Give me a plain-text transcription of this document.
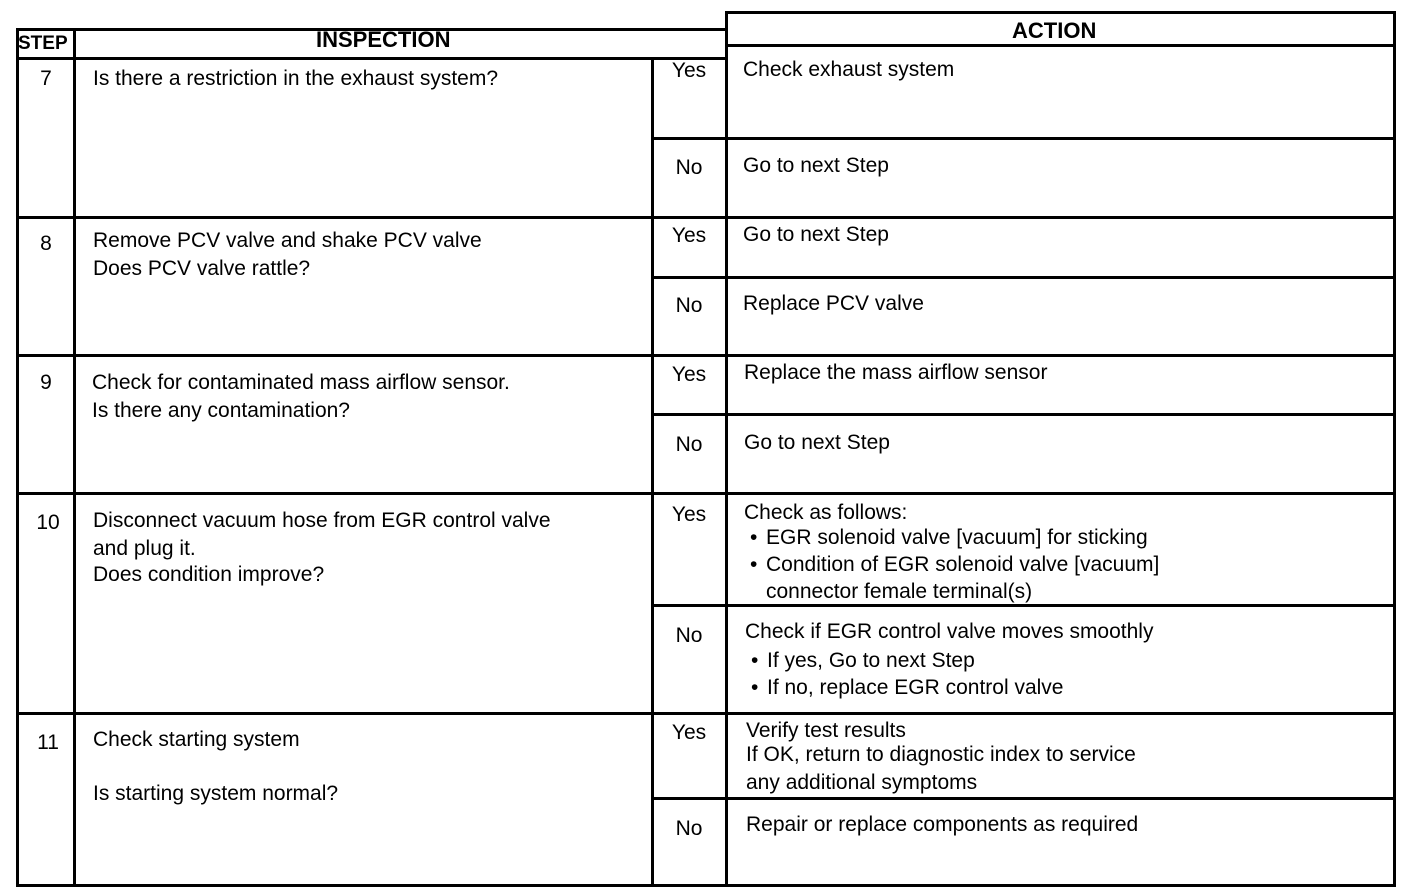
STEP	INSPECTION	ACTION
7	Is there a restriction in the exhaust system?	Yes	Check exhaust system
No	Go to next Step
8	Remove PCV valve and shake PCV valve
Does PCV valve rattle?
Yes	Go to next Step
No	Replace PCV valve
9	Check for contaminated mass airflow sensor.
Is there any contamination?
Yes	Replace the mass airflow sensor
No	Go to next Step
10	Disconnect vacuum hose from EGR control valve
and plug it.
Does condition improve?
Yes	Check as follows:
• EGR solenoid valve [vacuum] for sticking
• Condition of EGR solenoid valve [vacuum] connector female terminal(s)
No	Check if EGR control valve moves smoothly
• If yes, Go to next Step
• If no, replace EGR control valve
11	Check starting system
Is starting system normal?
Yes	Verify test results
If OK, return to diagnostic index to service
any additional symptoms
No	Repair or replace components as required
